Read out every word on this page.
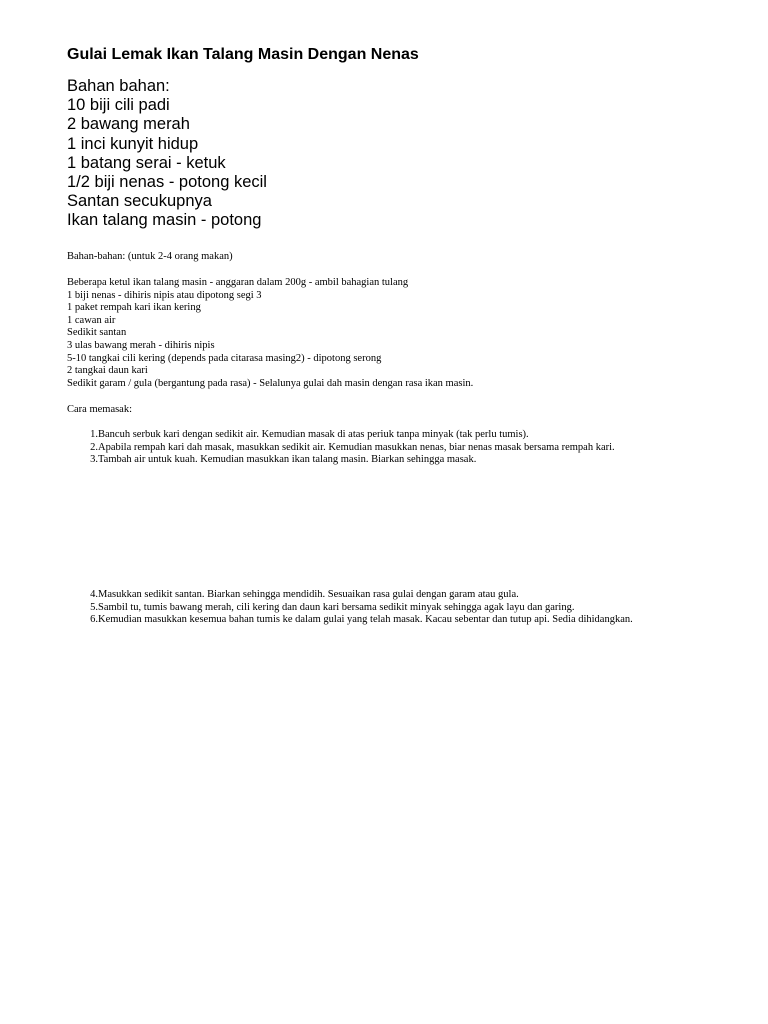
Gulai Lemak Ikan Talang Masin Dengan Nenas
Bahan bahan:
10 biji cili padi
2 bawang merah
1 inci kunyit hidup
1 batang serai - ketuk
1/2 biji nenas - potong kecil
Santan secukupnya
Ikan talang masin - potong
Bahan-bahan: (untuk 2-4 orang makan)
Beberapa ketul ikan talang masin - anggaran dalam 200g - ambil bahagian tulang
1 biji nenas - dihiris nipis atau dipotong segi 3
1 paket rempah kari ikan kering
1 cawan air
Sedikit santan
3 ulas bawang merah - dihiris nipis
5-10 tangkai cili kering (depends pada citarasa masing2) - dipotong serong
2 tangkai daun kari
Sedikit garam / gula (bergantung pada rasa) - Selalunya gulai dah masin dengan rasa ikan masin.
Cara memasak:
1. Bancuh serbuk kari dengan sedikit air. Kemudian masak di atas periuk tanpa minyak (tak perlu tumis).
2. Apabila rempah kari dah masak, masukkan sedikit air. Kemudian masukkan nenas, biar nenas masak bersama rempah kari.
3. Tambah air untuk kuah. Kemudian masukkan ikan talang masin. Biarkan sehingga masak.
4. Masukkan sedikit santan. Biarkan sehingga mendidih. Sesuaikan rasa gulai dengan garam atau gula.
5. Sambil tu, tumis bawang merah, cili kering dan daun kari bersama sedikit minyak sehingga agak layu dan garing.
6. Kemudian masukkan kesemua bahan tumis ke dalam gulai yang telah masak. Kacau sebentar dan tutup api. Sedia dihidangkan.
